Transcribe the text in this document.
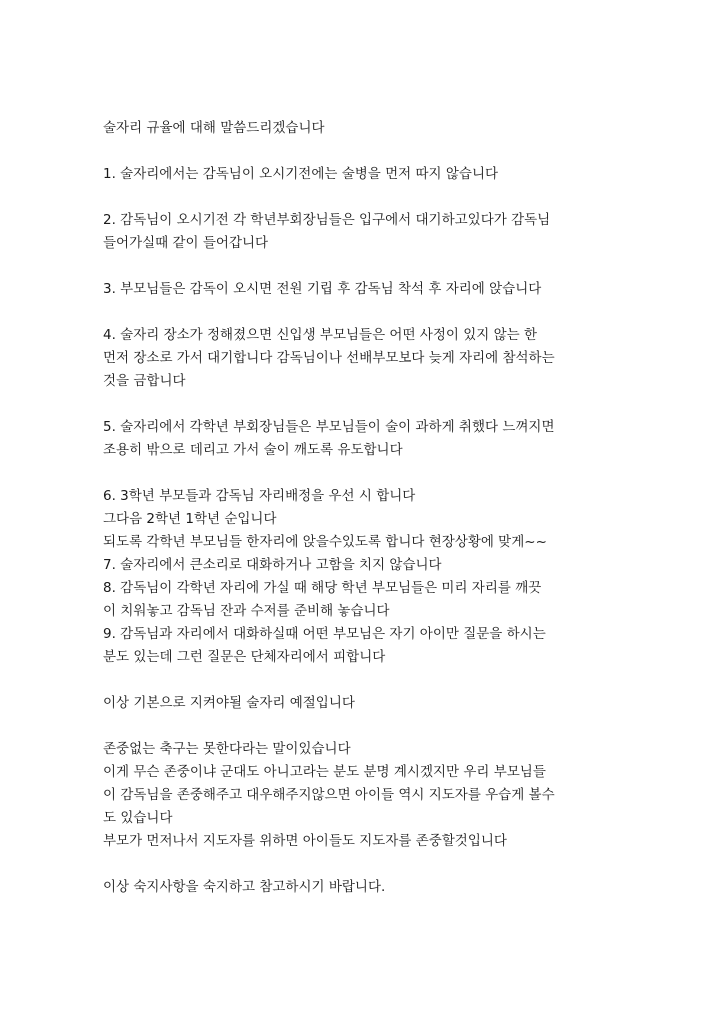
술자리 규율에 대해 말씀드리겠습니다

1. 술자리에서는 감독님이 오시기전에는 술병을 먼저 따지 않습니다

2. 감독님이 오시기전 각 학년부회장님들은 입구에서 대기하고있다가 감독님
들어가실때 같이 들어갑니다

3. 부모님들은 감독이 오시면 전원 기립 후 감독님 착석 후 자리에 앉습니다

4. 술자리 장소가 정해졌으면 신입생 부모님들은 어떤 사정이 있지 않는 한
먼저 장소로 가서 대기합니다 감독님이나 선배부모보다 늦게 자리에 참석하는
것을 금합니다

5. 술자리에서 각학년 부회장님들은 부모님들이 술이 과하게 취했다 느껴지면
조용히 밖으로 데리고 가서 술이 깨도록 유도합니다

6. 3학년 부모들과 감독님 자리배정을 우선 시 합니다
그다음 2학년 1학년 순입니다
되도록 각학년 부모님들 한자리에 앉을수있도록 합니다 현장상황에 맞게~~
7. 술자리에서 큰소리로 대화하거나 고함을 치지 않습니다
8. 감독님이 각학년 자리에 가실 때 해당 학년 부모님들은 미리 자리를 깨끗
이 치워놓고 감독님 잔과 수저를 준비해 놓습니다
9. 감독님과 자리에서 대화하실때 어떤 부모님은 자기 아이만 질문을 하시는
분도 있는데 그런 질문은 단체자리에서 피합니다

이상 기본으로 지켜야될 술자리 예절입니다

존중없는 축구는 못한다라는 말이있습니다
이게 무슨 존중이냐 군대도 아니고라는 분도 분명 계시겠지만 우리 부모님들
이 감독님을 존중해주고 대우해주지않으면 아이들 역시 지도자를 우습게 볼수
도 있습니다
부모가 먼저나서 지도자를 위하면 아이들도 지도자를 존중할것입니다

이상 숙지사항을 숙지하고 참고하시기 바랍니다.
